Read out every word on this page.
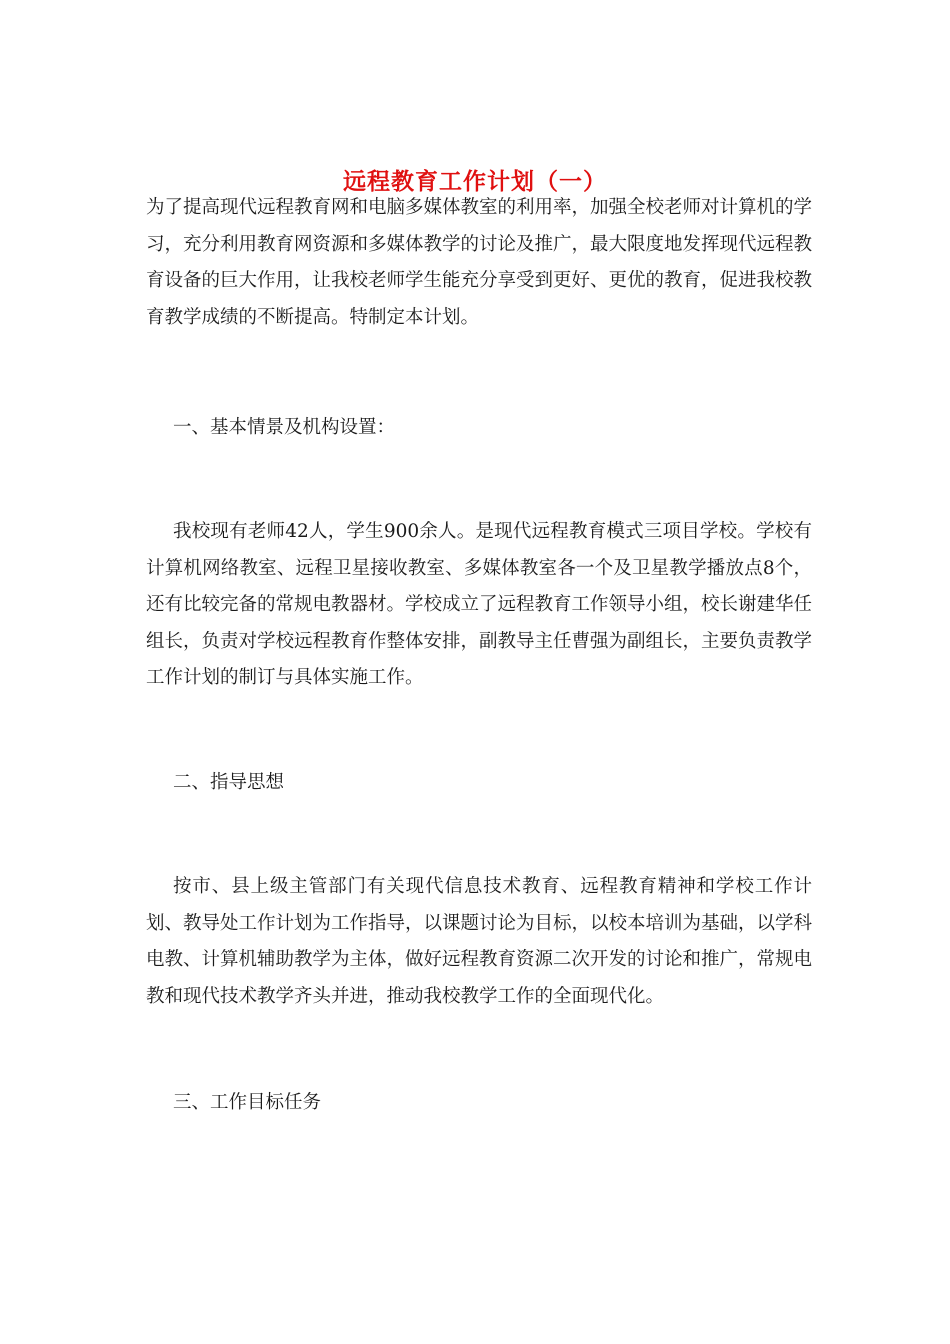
远程教育工作计划（一）

为了提高现代远程教育网和电脑多媒体教室的利用率，加强全校老师对计算机的学习，充分利用教育网资源和多媒体教学的讨论及推广，最大限度地发挥现代远程教育设备的巨大作用，让我校老师学生能充分享受到更好、更优的教育，促进我校教育教学成绩的不断提高。特制定本计划。

一、基本情景及机构设置：

我校现有老师42人，学生900余人。是现代远程教育模式三项目学校。学校有计算机网络教室、远程卫星接收教室、多媒体教室各一个及卫星教学播放点8个，还有比较完备的常规电教器材。学校成立了远程教育工作领导小组，校长谢建华任组长，负责对学校远程教育作整体安排，副教导主任曹强为副组长，主要负责教学工作计划的制订与具体实施工作。

二、指导思想

按市、县上级主管部门有关现代信息技术教育、远程教育精神和学校工作计划、教导处工作计划为工作指导，以课题讨论为目标，以校本培训为基础，以学科电教、计算机辅助教学为主体，做好远程教育资源二次开发的讨论和推广，常规电教和现代技术教学齐头并进，推动我校教学工作的全面现代化。

三、工作目标任务
